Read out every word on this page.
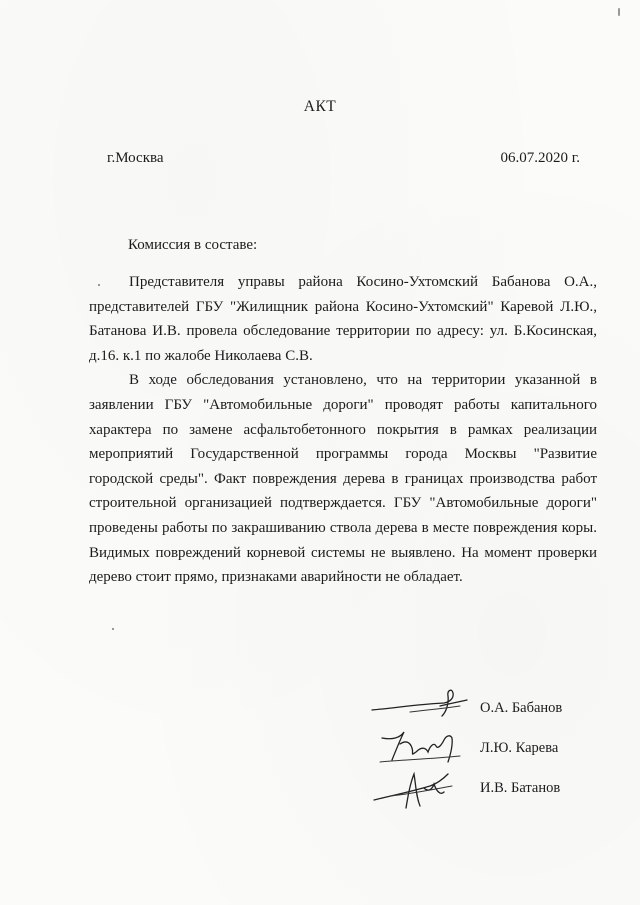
АКТ
г.Москва	06.07.2020 г.
Комиссия в составе:

Представителя управы района Косино-Ухтомский Бабанова О.А., представителей ГБУ "Жилищник района Косино-Ухтомский" Каревой Л.Ю., Батанова И.В. провела обследование территории по адресу: ул. Б.Косинская, д.16. к.1 по жалобе Николаева С.В.

В ходе обследования установлено, что на территории указанной в заявлении ГБУ "Автомобильные дороги" проводят работы капитального характера по замене асфальтобетонного покрытия в рамках реализации мероприятий Государственной программы города Москвы "Развитие городской среды". Факт повреждения дерева в границах производства работ строительной организацией подтверждается. ГБУ "Автомобильные дороги" проведены работы по закрашиванию ствола дерева в месте повреждения коры. Видимых повреждений корневой системы не выявлено. На момент проверки дерево стоит прямо, признаками аварийности не обладает.

О.А. Бабанов
Л.Ю. Карева
И.В. Батанов
